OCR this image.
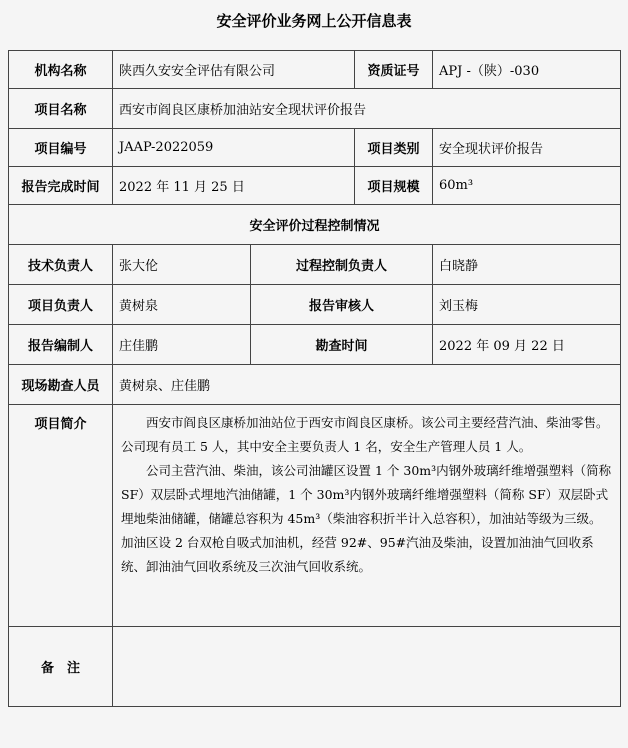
安全评价业务网上公开信息表
机构名称	陕西久安安全评估有限公司		资质证号	APJ -（陕）-030
项目名称	西安市阎良区康桥加油站安全现状评价报告			
项目编号	JAAP-2022059		项目类别	安全现状评价报告
报告完成时间	2022 年 11 月 25 日		项目规模	60m³
安全评价过程控制情况				
技术负责人	张大伦	过程控制负责人		白晓静
项目负责人	黄树泉	报告审核人		刘玉梅
报告编制人	庄佳鹏	勘查时间		2022 年 09 月 22 日
现场勘查人员	黄树泉、庄佳鹏			
项目简介	西安市阎良区康桥加油站位于西安市阎良区康桥。该公司主要经营汽油、柴油零售。公司现有员工 5 人，其中安全主要负责人 1 名，安全生产管理人员 1 人。

公司主营汽油、柴油，该公司油罐区设置 1 个 30m³内钢外玻璃纤维增强塑料（简称 SF）双层卧式埋地汽油储罐，1 个 30m³内钢外玻璃纤维增强塑料（简称 SF）双层卧式埋地柴油储罐，储罐总容积为 45m³（柴油容积折半计入总容积），加油站等级为三级。加油区设 2 台双枪自吸式加油机，经营 92#、95#汽油及柴油，设置加油油气回收系统、卸油油气回收系统及三次油气回收系统。			

备　注				
